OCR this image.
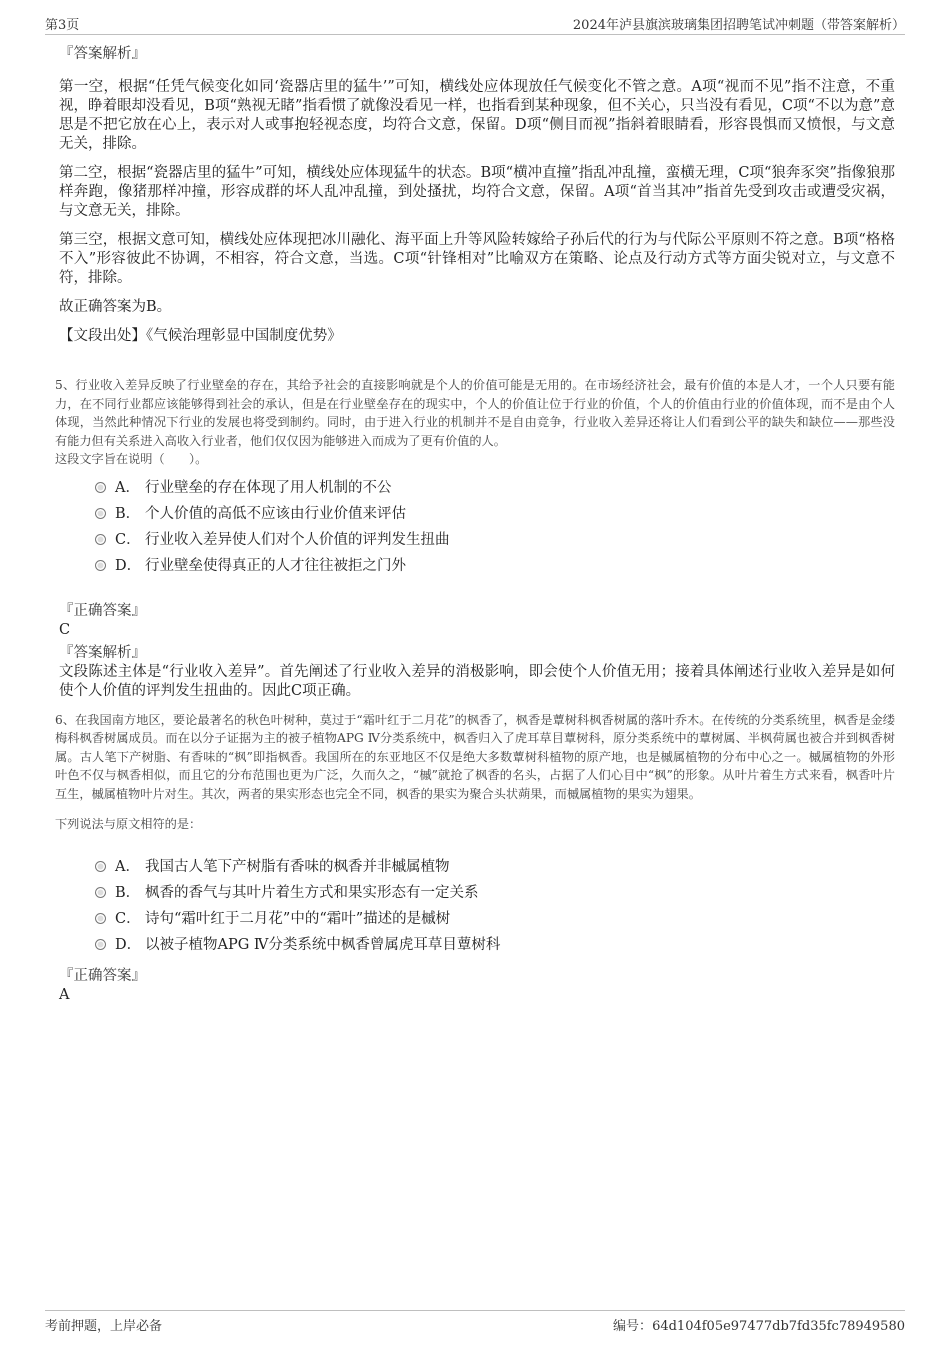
第3页	2024年泸县旗滨玻璃集团招聘笔试冲刺题（带答案解析）
『答案解析』

第一空，根据“任凭气候变化如同‘瓷器店里的猛牛’”可知，横线处应体现放任气候变化不管之意。A项“视而不见”指不注意，不重视，睁着眼却没看见，B项“熟视无睹”指看惯了就像没看见一样，也指看到某种现象，但不关心，只当没有看见，C项“不以为意”意思是不把它放在心上，表示对人或事抱轻视态度，均符合文意，保留。D项“侧目而视”指斜着眼睛看，形容畏惧而又愤恨，与文意无关，排除。

第二空，根据“瓷器店里的猛牛”可知，横线处应体现猛牛的状态。B项“横冲直撞”指乱冲乱撞，蛮横无理，C项“狼奔豕突”指像狼那样奔跑，像猪那样冲撞，形容成群的坏人乱冲乱撞，到处搔扰，均符合文意，保留。A项“首当其冲”指首先受到攻击或遭受灾祸，与文意无关，排除。

第三空，根据文意可知，横线处应体现把冰川融化、海平面上升等风险转嫁给子孙后代的行为与代际公平原则不符之意。B项“格格不入”形容彼此不协调，不相容，符合文意，当选。C项“针锋相对”比喻双方在策略、论点及行动方式等方面尖锐对立，与文意不符，排除。

故正确答案为B。

【文段出处】《气候治理彰显中国制度优势》

5、行业收入差异反映了行业壁垒的存在，其给予社会的直接影响就是个人的价值可能是无用的。在市场经济社会，最有价值的本是人才，一个人只要有能力，在不同行业都应该能够得到社会的承认，但是在行业壁垒存在的现实中，个人的价值让位于行业的价值，个人的价值由行业的价值体现，而不是由个人体现，当然此种情况下行业的发展也将受到制约。同时，由于进入行业的机制并不是自由竞争，行业收入差异还将让人们看到公平的缺失和缺位——那些没有能力但有关系进入高收入行业者，他们仅仅因为能够进入而成为了更有价值的人。

这段文字旨在说明（　　）。

A． 行业壁垒的存在体现了用人机制的不公
B． 个人价值的高低不应该由行业价值来评估
C． 行业收入差异使人们对个人价值的评判发生扭曲
D． 行业壁垒使得真正的人才往往被拒之门外
『正确答案』
C
『答案解析』

文段陈述主体是“行业收入差异”。首先阐述了行业收入差异的消极影响，即会使个人价值无用；接着具体阐述行业收入差异是如何使个人价值的评判发生扭曲的。因此C项正确。

6、在我国南方地区，要论最著名的秋色叶树种，莫过于“霜叶红于二月花”的枫香了，枫香是蕈树科枫香树属的落叶乔木。在传统的分类系统里，枫香是金缕梅科枫香树属成员。而在以分子证据为主的被子植物APG Ⅳ分类系统中，枫香归入了虎耳草目蕈树科，原分类系统中的蕈树属、半枫荷属也被合并到枫香树属。古人笔下产树脂、有香味的“枫”即指枫香。我国所在的东亚地区不仅是绝大多数蕈树科植物的原产地，也是槭属植物的分布中心之一。槭属植物的外形叶色不仅与枫香相似，而且它的分布范围也更为广泛，久而久之，“槭”就抢了枫香的名头，占据了人们心目中“枫”的形象。从叶片着生方式来看，枫香叶片互生，槭属植物叶片对生。其次，两者的果实形态也完全不同，枫香的果实为聚合头状蒴果，而槭属植物的果实为翅果。

下列说法与原文相符的是：

A． 我国古人笔下产树脂有香味的枫香并非槭属植物
B． 枫香的香气与其叶片着生方式和果实形态有一定关系
C． 诗句“霜叶红于二月花”中的“霜叶”描述的是槭树
D． 以被子植物APG Ⅳ分类系统中枫香曾属虎耳草目蕈树科
『正确答案』
A
考前押题，上岸必备	编号：64d104f05e97477db7fd35fc78949580
